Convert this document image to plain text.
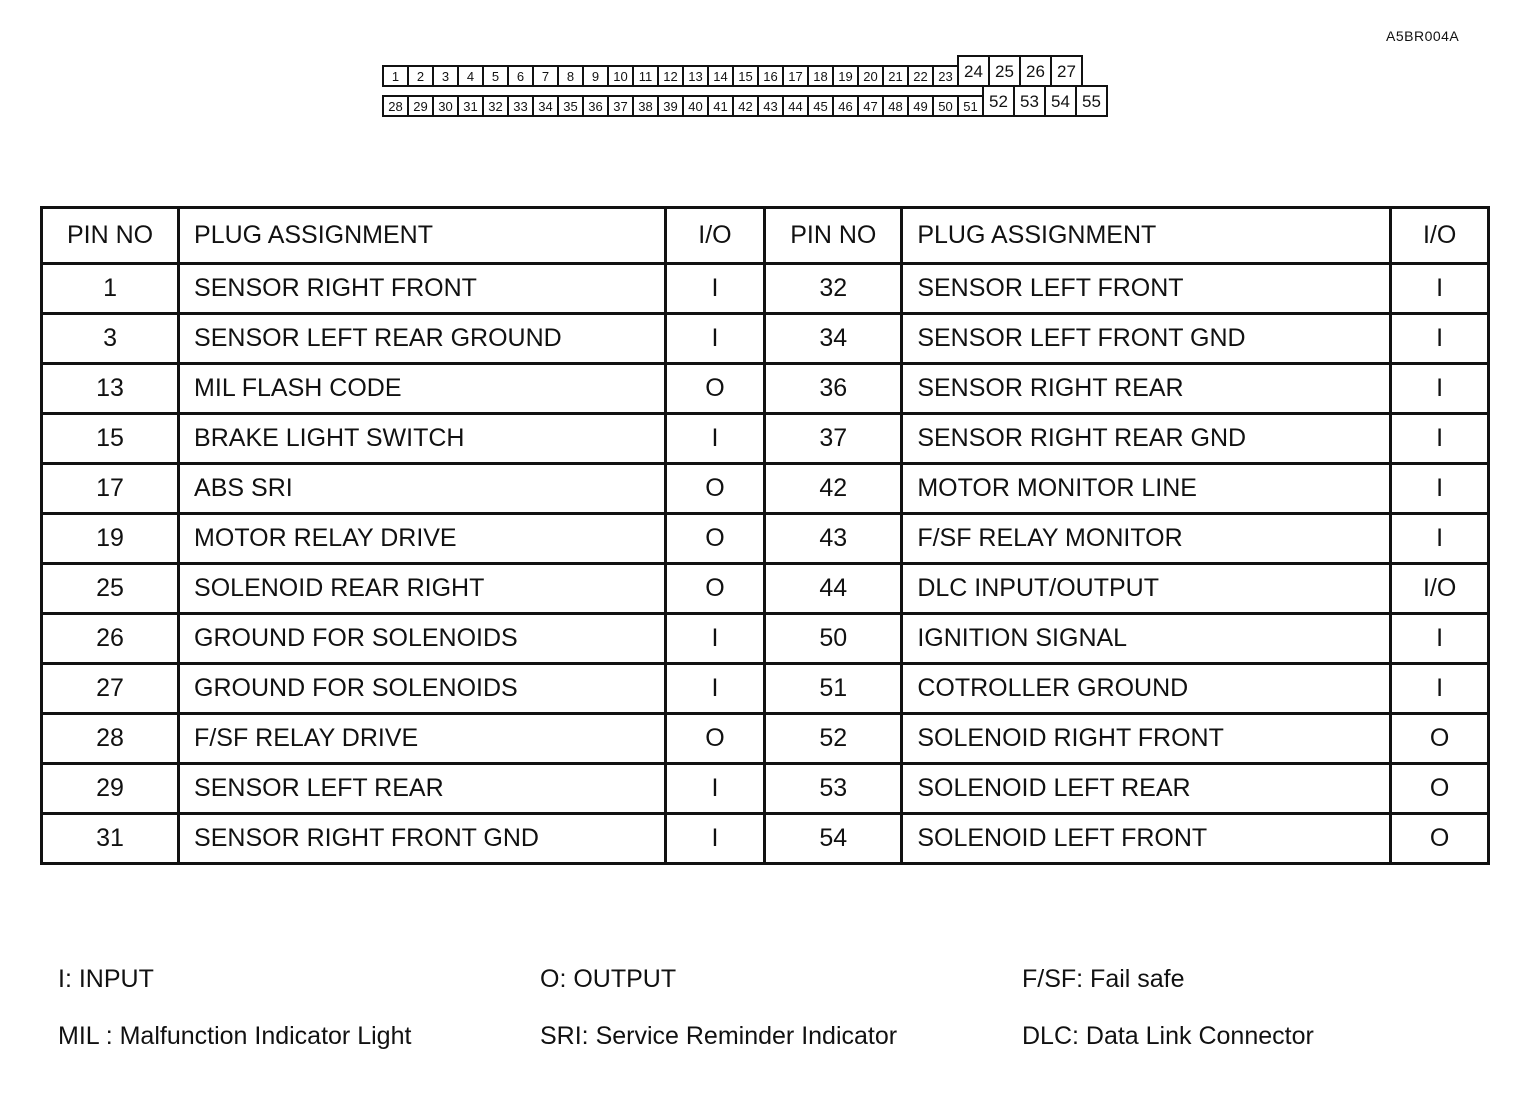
A5BR004A
1	2	3	4	5	6	7	8	9	10 11 12 13 14 15 16 17 18 19 20 21 22 23 24 25 26 27
28 29 30 31 32 33 34 35 36 37 38 39 40 41 42 43 44 45 46 47 48 49 50 51 52 53 54 55
PIN NO	PLUG ASSIGNMENT	I/O	PIN NO	PLUG ASSIGNMENT	I/O
1	SENSOR RIGHT FRONT	I	32	SENSOR LEFT FRONT	I
3	SENSOR LEFT REAR GROUND	I	34	SENSOR LEFT FRONT GND	I
13	MIL FLASH CODE	O	36	SENSOR RIGHT REAR	I
15	BRAKE LIGHT SWITCH	I	37	SENSOR RIGHT REAR GND	I
17	ABS SRI	O	42	MOTOR MONITOR LINE	I
19	MOTOR RELAY DRIVE	O	43	F/SF RELAY MONITOR	I
25	SOLENOID REAR RIGHT	O	44	DLC INPUT/OUTPUT	I/O
26	GROUND FOR SOLENOIDS	I	50	IGNITION SIGNAL	I
27	GROUND FOR SOLENOIDS	I	51	COTROLLER GROUND	I
28	F/SF RELAY DRIVE	O	52	SOLENOID RIGHT FRONT	O
29	SENSOR LEFT REAR	I	53	SOLENOID LEFT REAR	O
31	SENSOR RIGHT FRONT GND	I	54	SOLENOID LEFT FRONT	O
I: INPUT	O: OUTPUT	F/SF: Fail safe
MIL : Malfunction Indicator Light	SRI: Service Reminder Indicator	DLC: Data Link Connector
